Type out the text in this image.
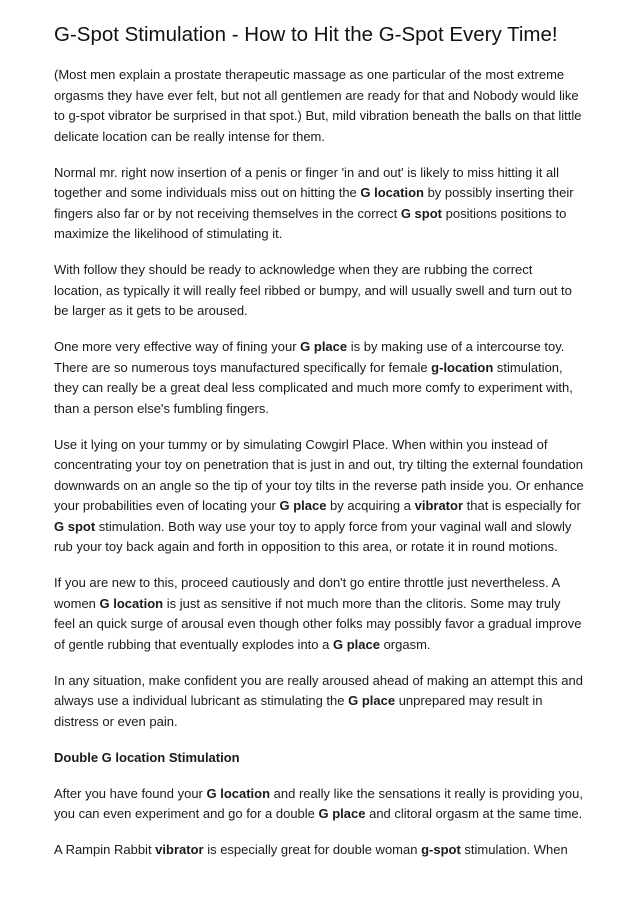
G-Spot Stimulation - How to Hit the G-Spot Every Time!

(Most men explain a prostate therapeutic massage as one particular of the most extreme orgasms they have ever felt, but not all gentlemen are ready for that and Nobody would like to g-spot vibrator be surprised in that spot.) But, mild vibration beneath the balls on that little delicate location can be really intense for them.

Normal mr. right now insertion of a penis or finger 'in and out' is likely to miss hitting it all together and some individuals miss out on hitting the G location by possibly inserting their fingers also far or by not receiving themselves in the correct G spot positions positions to maximize the likelihood of stimulating it.

With follow they should be ready to acknowledge when they are rubbing the correct location, as typically it will really feel ribbed or bumpy, and will usually swell and turn out to be larger as it gets to be aroused.

One more very effective way of fining your G place is by making use of a intercourse toy. There are so numerous toys manufactured specifically for female g-location stimulation, they can really be a great deal less complicated and much more comfy to experiment with, than a person else's fumbling fingers.

Use it lying on your tummy or by simulating Cowgirl Place. When within you instead of concentrating your toy on penetration that is just in and out, try tilting the external foundation downwards on an angle so the tip of your toy tilts in the reverse path inside you. Or enhance your probabilities even of locating your G place by acquiring a vibrator that is especially for G spot stimulation. Both way use your toy to apply force from your vaginal wall and slowly rub your toy back again and forth in opposition to this area, or rotate it in round motions.

If you are new to this, proceed cautiously and don't go entire throttle just nevertheless. A women G location is just as sensitive if not much more than the clitoris. Some may truly feel an quick surge of arousal even though other folks may possibly favor a gradual improve of gentle rubbing that eventually explodes into a G place orgasm.

In any situation, make confident you are really aroused ahead of making an attempt this and always use a individual lubricant as stimulating the G place unprepared may result in distress or even pain.

Double G location Stimulation

After you have found your G location and really like the sensations it really is providing you, you can even experiment and go for a double G place and clitoral orgasm at the same time.

A Rampin Rabbit vibrator is especially great for double woman g-spot stimulation. When
